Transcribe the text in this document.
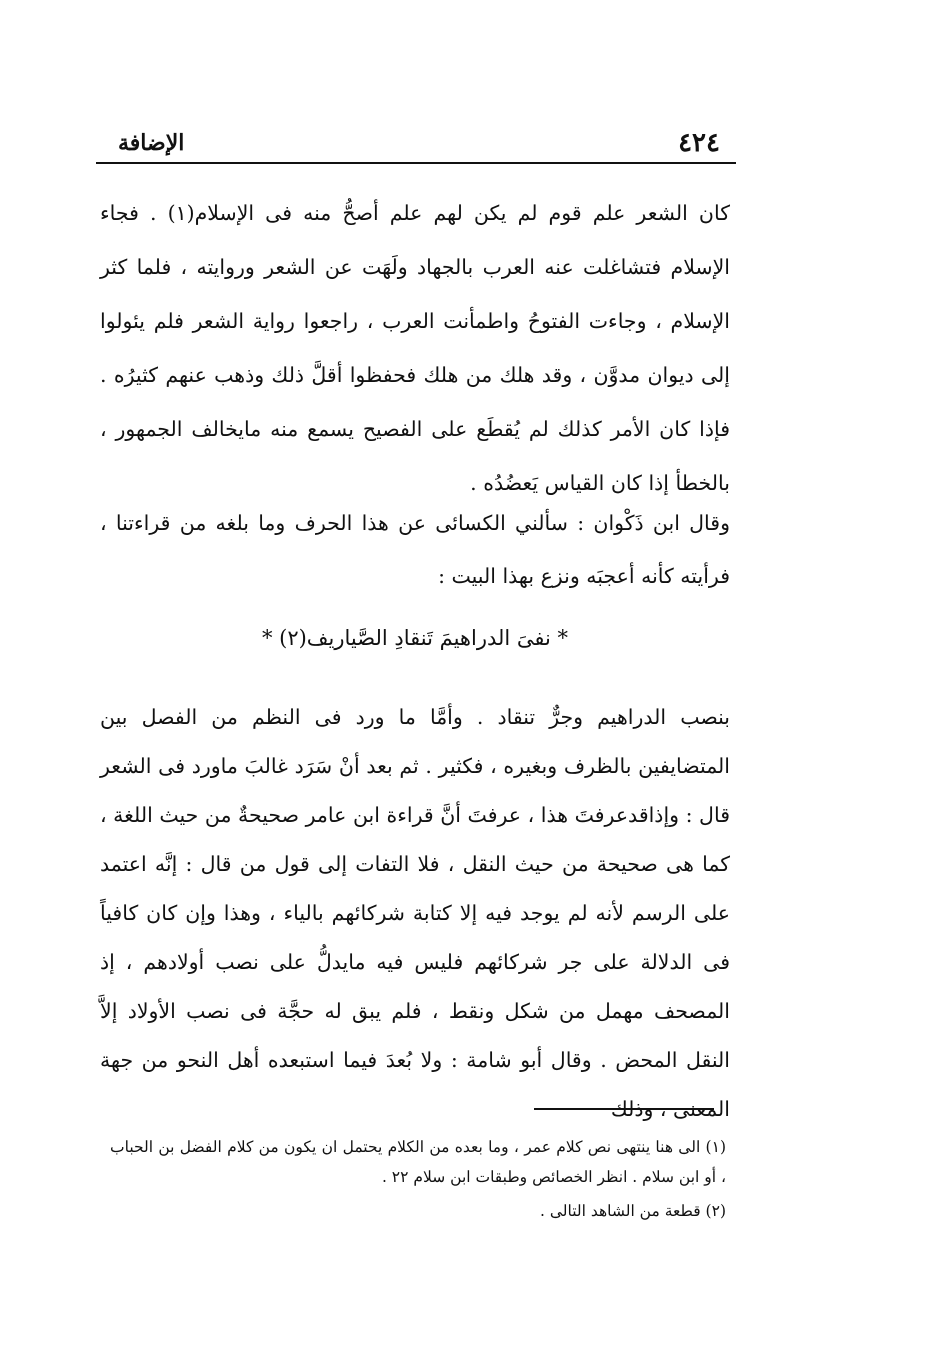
٤٢٤
الإضافة

كان الشعر علم قوم لم يكن لهم علم أصحُّ منه فى الإسلام(١) . فجاء الإسلام فتشاغلت عنه العرب بالجهاد ولَهَت عن الشعر وروايته ، فلما كثر الإسلام ، وجاءت الفتوحُ واطمأنت العرب ، راجعوا رواية الشعر فلم يئولوا إلى ديوان مدوَّن ، وقد هلك من هلك فحفظوا أقلَّ ذلك وذهب عنهم كثيرُه . فإذا كان الأمر كذلك لم يُقطَع على الفصيح يسمع منه مايخالف الجمهور ، بالخطأ إذا كان القياس يَعضُدُه .

وقال ابن ذَكْوان : سألني الكسائى عن هذا الحرف وما بلغه من قراءتنا ، فرأيته كأنه أعجبَه ونزع بهذا البيت :

* نفىَ الدراهيمَ تَنقادِ الصَّياريف(٢) *

بنصب الدراهيم وجرٌّ تنقاد . وأمَّا ما ورد فى النظم من الفصل بين المتضايفين بالظرف وبغيره ، فكثير . ثم بعد أنْ سَرَد غالبَ ماورد فى الشعر قال : وإذاقدعرفتَ هذا ، عرفتَ أنَّ قراءة ابن عامر صحيحةٌ من حيث اللغة ، كما هى صحيحة من حيث النقل ، فلا التفات إلى قول من قال : إنَّه اعتمد على الرسم لأنه لم يوجد فيه إلا كتابة شركائهم بالياء ، وهذا وإن كان كافياً فى الدلالة على جر شركائهم فليس فيه مايدلُّ على نصب أولادهم ، إذ المصحف مهمل من شكل ونقط ، فلم يبق له حجَّة فى نصب الأولاد إلاَّ النقل المحض . وقال أبو شامة : ولا بُعدَ فيما استبعده أهل النحو من جهة المعنى ، وذلك

(١) الى هنا ينتهى نص كلام عمر ، وما بعده من الكلام يحتمل ان يكون من كلام الفضل بن الحباب ، أو ابن سلام . انظر الخصائص وطبقات ابن سلام ٢٢ .

(٢) قطعة من الشاهد التالى .
